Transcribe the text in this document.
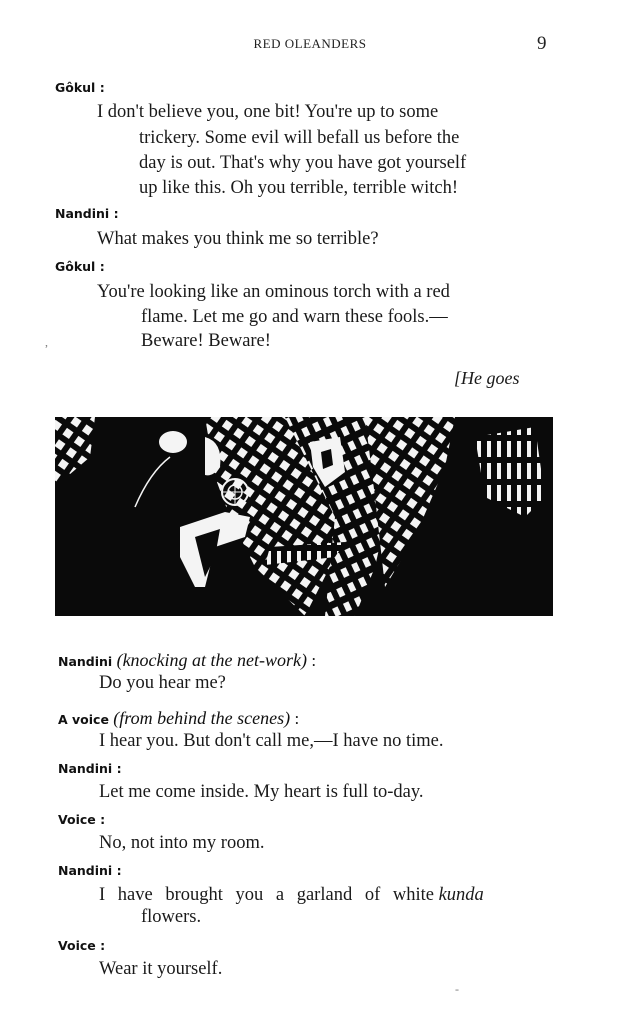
RED OLEANDERS	9
Gôkul :
I don't believe you, one bit! You're up to some
trickery. Some evil will befall us before the
day is out. That's why you have got yourself
up like this. Oh you terrible, terrible witch!
Nandini :
What makes you think me so terrible?
Gôkul :
You're looking like an ominous torch with a red
flame. Let me go and warn these fools.—
Beware! Beware!
,
[He goes
Nandini (knocking at the net-work) :
Do you hear me?
A voice (from behind the scenes) :
I hear you. But don't call me,—I have no time.
Nandini :
Let me come inside. My heart is full to-day.
Voice :
No, not into my room.
Nandini :
I have brought you a garland of white kunda
flowers.
Voice :
Wear it yourself.
-
